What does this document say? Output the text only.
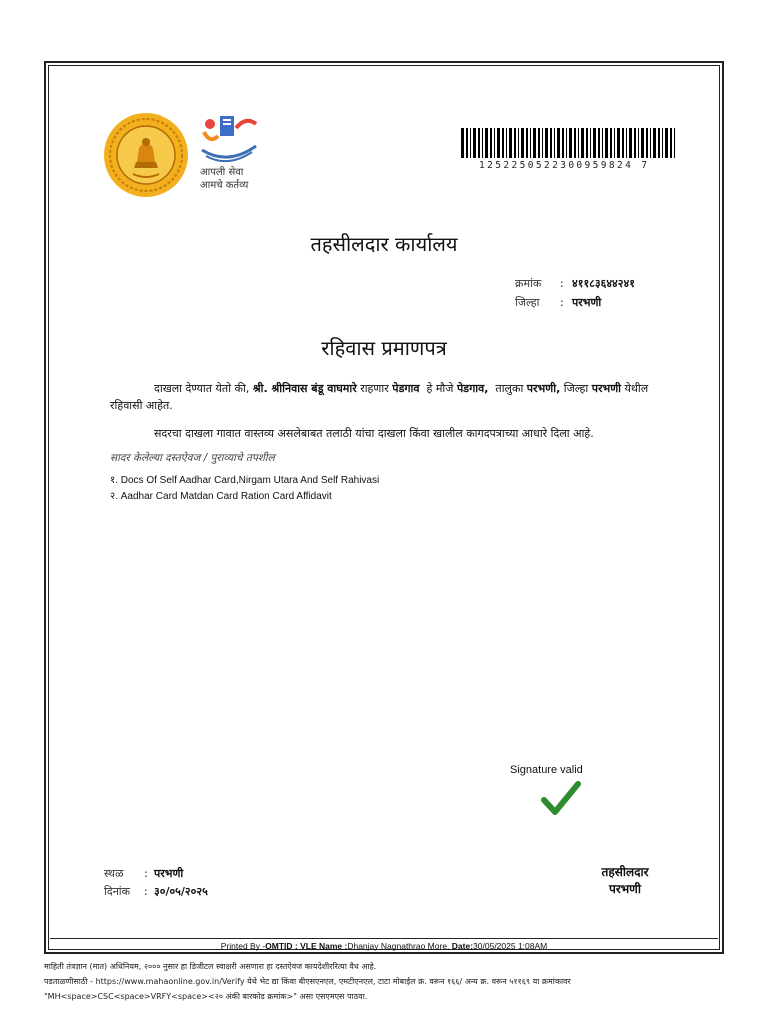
आपली सेवा
आमचे कर्तव्य
1252250522300959824 7
तहसीलदार कार्यालय
क्रमांक : ४११८३६४४२४१
जिल्हा : परभणी
रहिवास प्रमाणपत्र
दाखला देण्यात येतो की, श्री. श्रीनिवास बंडू वाघमारे राहणार पेडगाव हे मौजे पेडगाव, तालुका परभणी, जिल्हा परभणी येथील रहिवासी आहेत.
सदरचा दाखला गावात वास्तव्य असलेबाबत तलाठी यांचा दाखला किंवा खालील कागदपत्राच्या आधारे दिला आहे.
सादर केलेल्या दस्तऐवज / पुराव्याचे तपशील
१. Docs Of Self Aadhar Card,Nirgam Utara And Self Rahivasi
२. Aadhar Card Matdan Card Ration Card Affidavit
Signature valid
स्थळ : परभणी
दिनांक : ३०/०५/२०२५
तहसीलदार
परभणी
Printed By -OMTID : VLE Name :Dhanjay Nagnathrao More, Date:30/05/2025 1:08AM
माहिती तंत्रज्ञान (मात) अधिनियम, २००० नुसार हा डिजीटल स्वाक्षरी असणारा हा दस्तऐवज कायदेशीररित्या वैध आहे.
पडताळणीसाठी - https://www.mahaonline.gov.in/Verify येथे भेट द्या किंवा बीएसएनएल, एमटीएनएल, टाटा मोबाईल क्र. वरून १६६/ अन्य क्र. वरून ५११६९ या क्रमांकावर
"MH<space>CSC<space>VRFY<space><२० अंकी बारकोड क्रमांक>" असा एसएमएस पाठवा.
